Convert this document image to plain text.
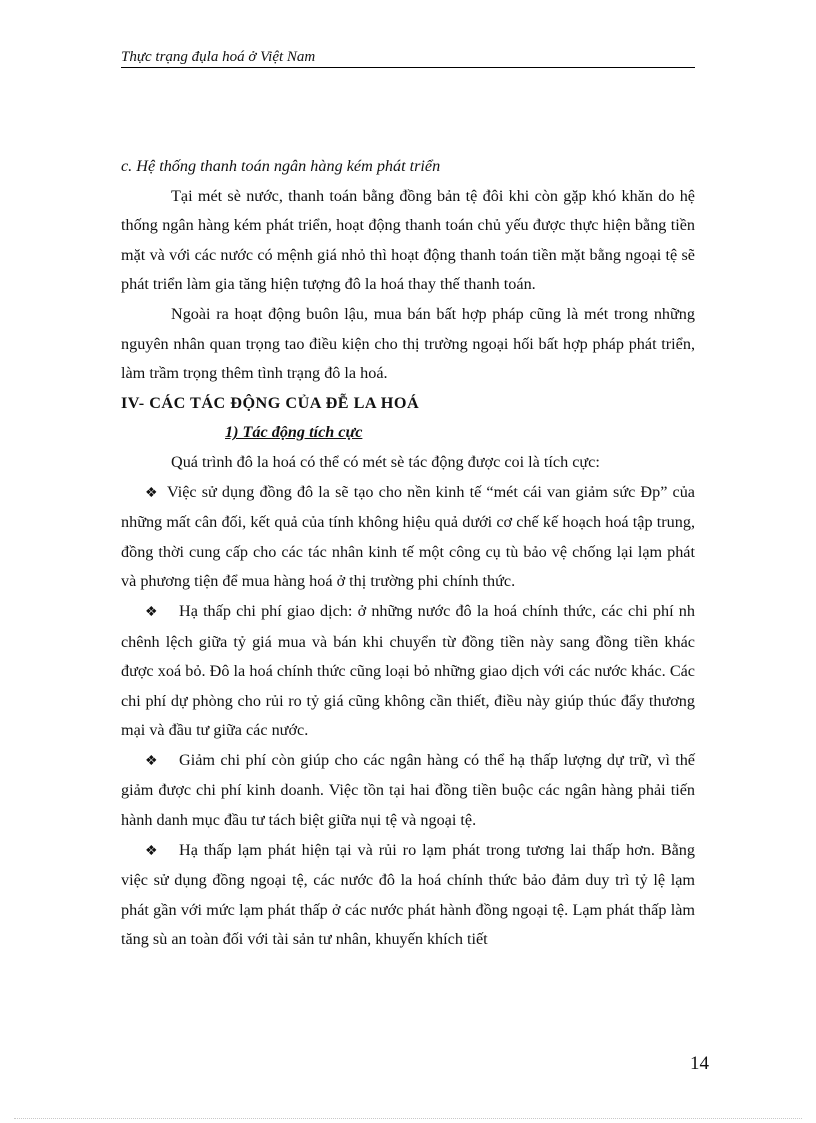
Thực trạng đụla hoá ở Việt Nam

c. Hệ thống thanh toán ngân hàng kém phát triển

Tại mét sè nước, thanh toán bằng đồng bản tệ đôi khi còn gặp khó khăn do hệ thống ngân hàng kém phát triển, hoạt động thanh toán chủ yếu được thực hiện bằng tiền mặt và với các nước có mệnh giá nhỏ thì hoạt động thanh toán tiền mặt bằng ngoại tệ sẽ phát triển làm gia tăng hiện tượng đô la hoá thay thế thanh toán.

Ngoài ra hoạt động buôn lậu, mua bán bất hợp pháp cũng là mét trong những nguyên nhân quan trọng tao điều kiện cho thị trường ngoại hối bất hợp pháp phát triển, làm trầm trọng thêm tình trạng đô la hoá.

IV- CÁC TÁC ĐỘNG CỦA ĐỄ LA HOÁ

1) Tác động tích cực

Quá trình đô la hoá có thể có mét sè tác động được coi là tích cực:

❖ Việc sử dụng đồng đô la sẽ tạo cho nền kinh tế “mét cái van giảm sức Ðp” của những mất cân đối, kết quả của tính không hiệu quả dưới cơ chế kế hoạch hoá tập trung, đồng thời cung cấp cho các tác nhân kinh tế một công cụ tù bảo vệ chống lại lạm phát và phương tiện để mua hàng hoá ở thị trường phi chính thức.

❖ Hạ thấp chi phí giao dịch: ở những nước đô la hoá chính thức, các chi phí nh chênh lệch giữa tỷ giá mua và bán khi chuyển từ đồng tiền này sang đồng tiền khác được xoá bỏ. Đô la hoá chính thức cũng loại bỏ những giao dịch với các nước khác. Các chi phí dự phòng cho rủi ro tỷ giá cũng không cần thiết, điều này giúp thúc đẩy thương mại và đầu tư giữa các nước.

❖ Giảm chi phí còn giúp cho các ngân hàng có thể hạ thấp lượng dự trữ, vì thế giảm được chi phí kinh doanh. Việc tồn tại hai đồng tiền buộc các ngân hàng phải tiến hành danh mục đầu tư tách biệt giữa nụi tệ và ngoại tệ.

❖ Hạ thấp lạm phát hiện tại và rủi ro lạm phát trong tương lai thấp hơn. Bằng việc sử dụng đồng ngoại tệ, các nước đô la hoá chính thức bảo đảm duy trì tỷ lệ lạm phát gần với mức lạm phát thấp ở các nước phát hành đồng ngoại tệ. Lạm phát thấp làm tăng sù an toàn đối với tài sản tư nhân, khuyến khích tiết

14
